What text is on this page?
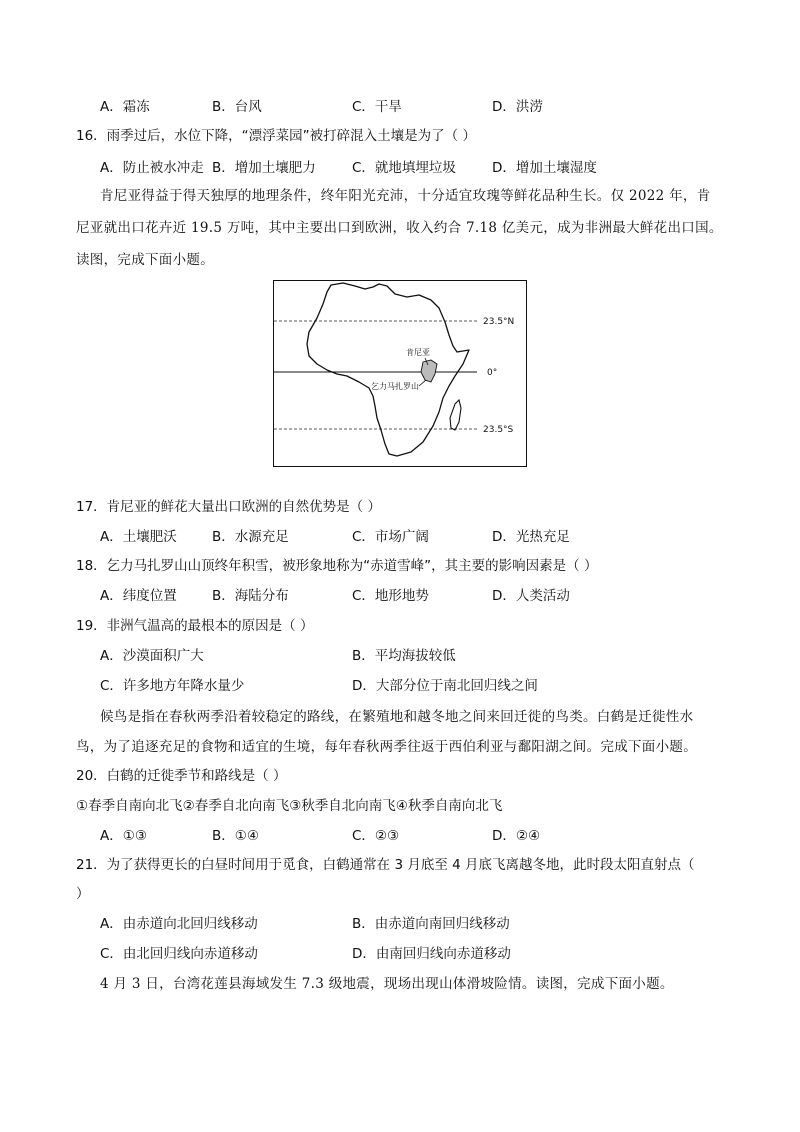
A．霜冻	B．台风	C．干旱	D．洪涝
16．雨季过后，水位下降，“漂浮菜园”被打碎混入土壤是为了（ ）
A．防止被水冲走 B．增加土壤肥力	C．就地填埋垃圾	D．增加土壤湿度
肯尼亚得益于得天独厚的地理条件，终年阳光充沛，十分适宜玫瑰等鲜花品种生长。仅 2022 年，肯
尼亚就出口花卉近 19.5 万吨，其中主要出口到欧洲，收入约合 7.18 亿美元，成为非洲最大鲜花出口国。
读图，完成下面小题。
肯尼亚
乞力马扎罗山
23.5°N
0°
23.5°S
17．肯尼亚的鲜花大量出口欧洲的自然优势是（ ）
A．土壤肥沃	B．水源充足	C．市场广阔	D．光热充足
18．乞力马扎罗山山顶终年积雪，被形象地称为“赤道雪峰”，其主要的影响因素是（ ）
A．纬度位置	B．海陆分布	C．地形地势	D．人类活动
19．非洲气温高的最根本的原因是（ ）
A．沙漠面积广大	B．平均海拔较低
C．许多地方年降水量少	D．大部分位于南北回归线之间
候鸟是指在春秋两季沿着较稳定的路线，在繁殖地和越冬地之间来回迁徙的鸟类。白鹤是迁徙性水
鸟，为了追逐充足的食物和适宜的生境，每年春秋两季往返于西伯利亚与鄱阳湖之间。完成下面小题。
20．白鹤的迁徙季节和路线是（ ）
①春季自南向北飞②春季自北向南飞③秋季自北向南飞④秋季自南向北飞
A．①③	B．①④	C．②③	D．②④
21．为了获得更长的白昼时间用于觅食，白鹤通常在 3 月底至 4 月底飞离越冬地，此时段太阳直射点（
）
A．由赤道向北回归线移动	B．由赤道向南回归线移动
C．由北回归线向赤道移动	D．由南回归线向赤道移动
4 月 3 日，台湾花莲县海域发生 7.3 级地震，现场出现山体滑坡险情。读图，完成下面小题。
